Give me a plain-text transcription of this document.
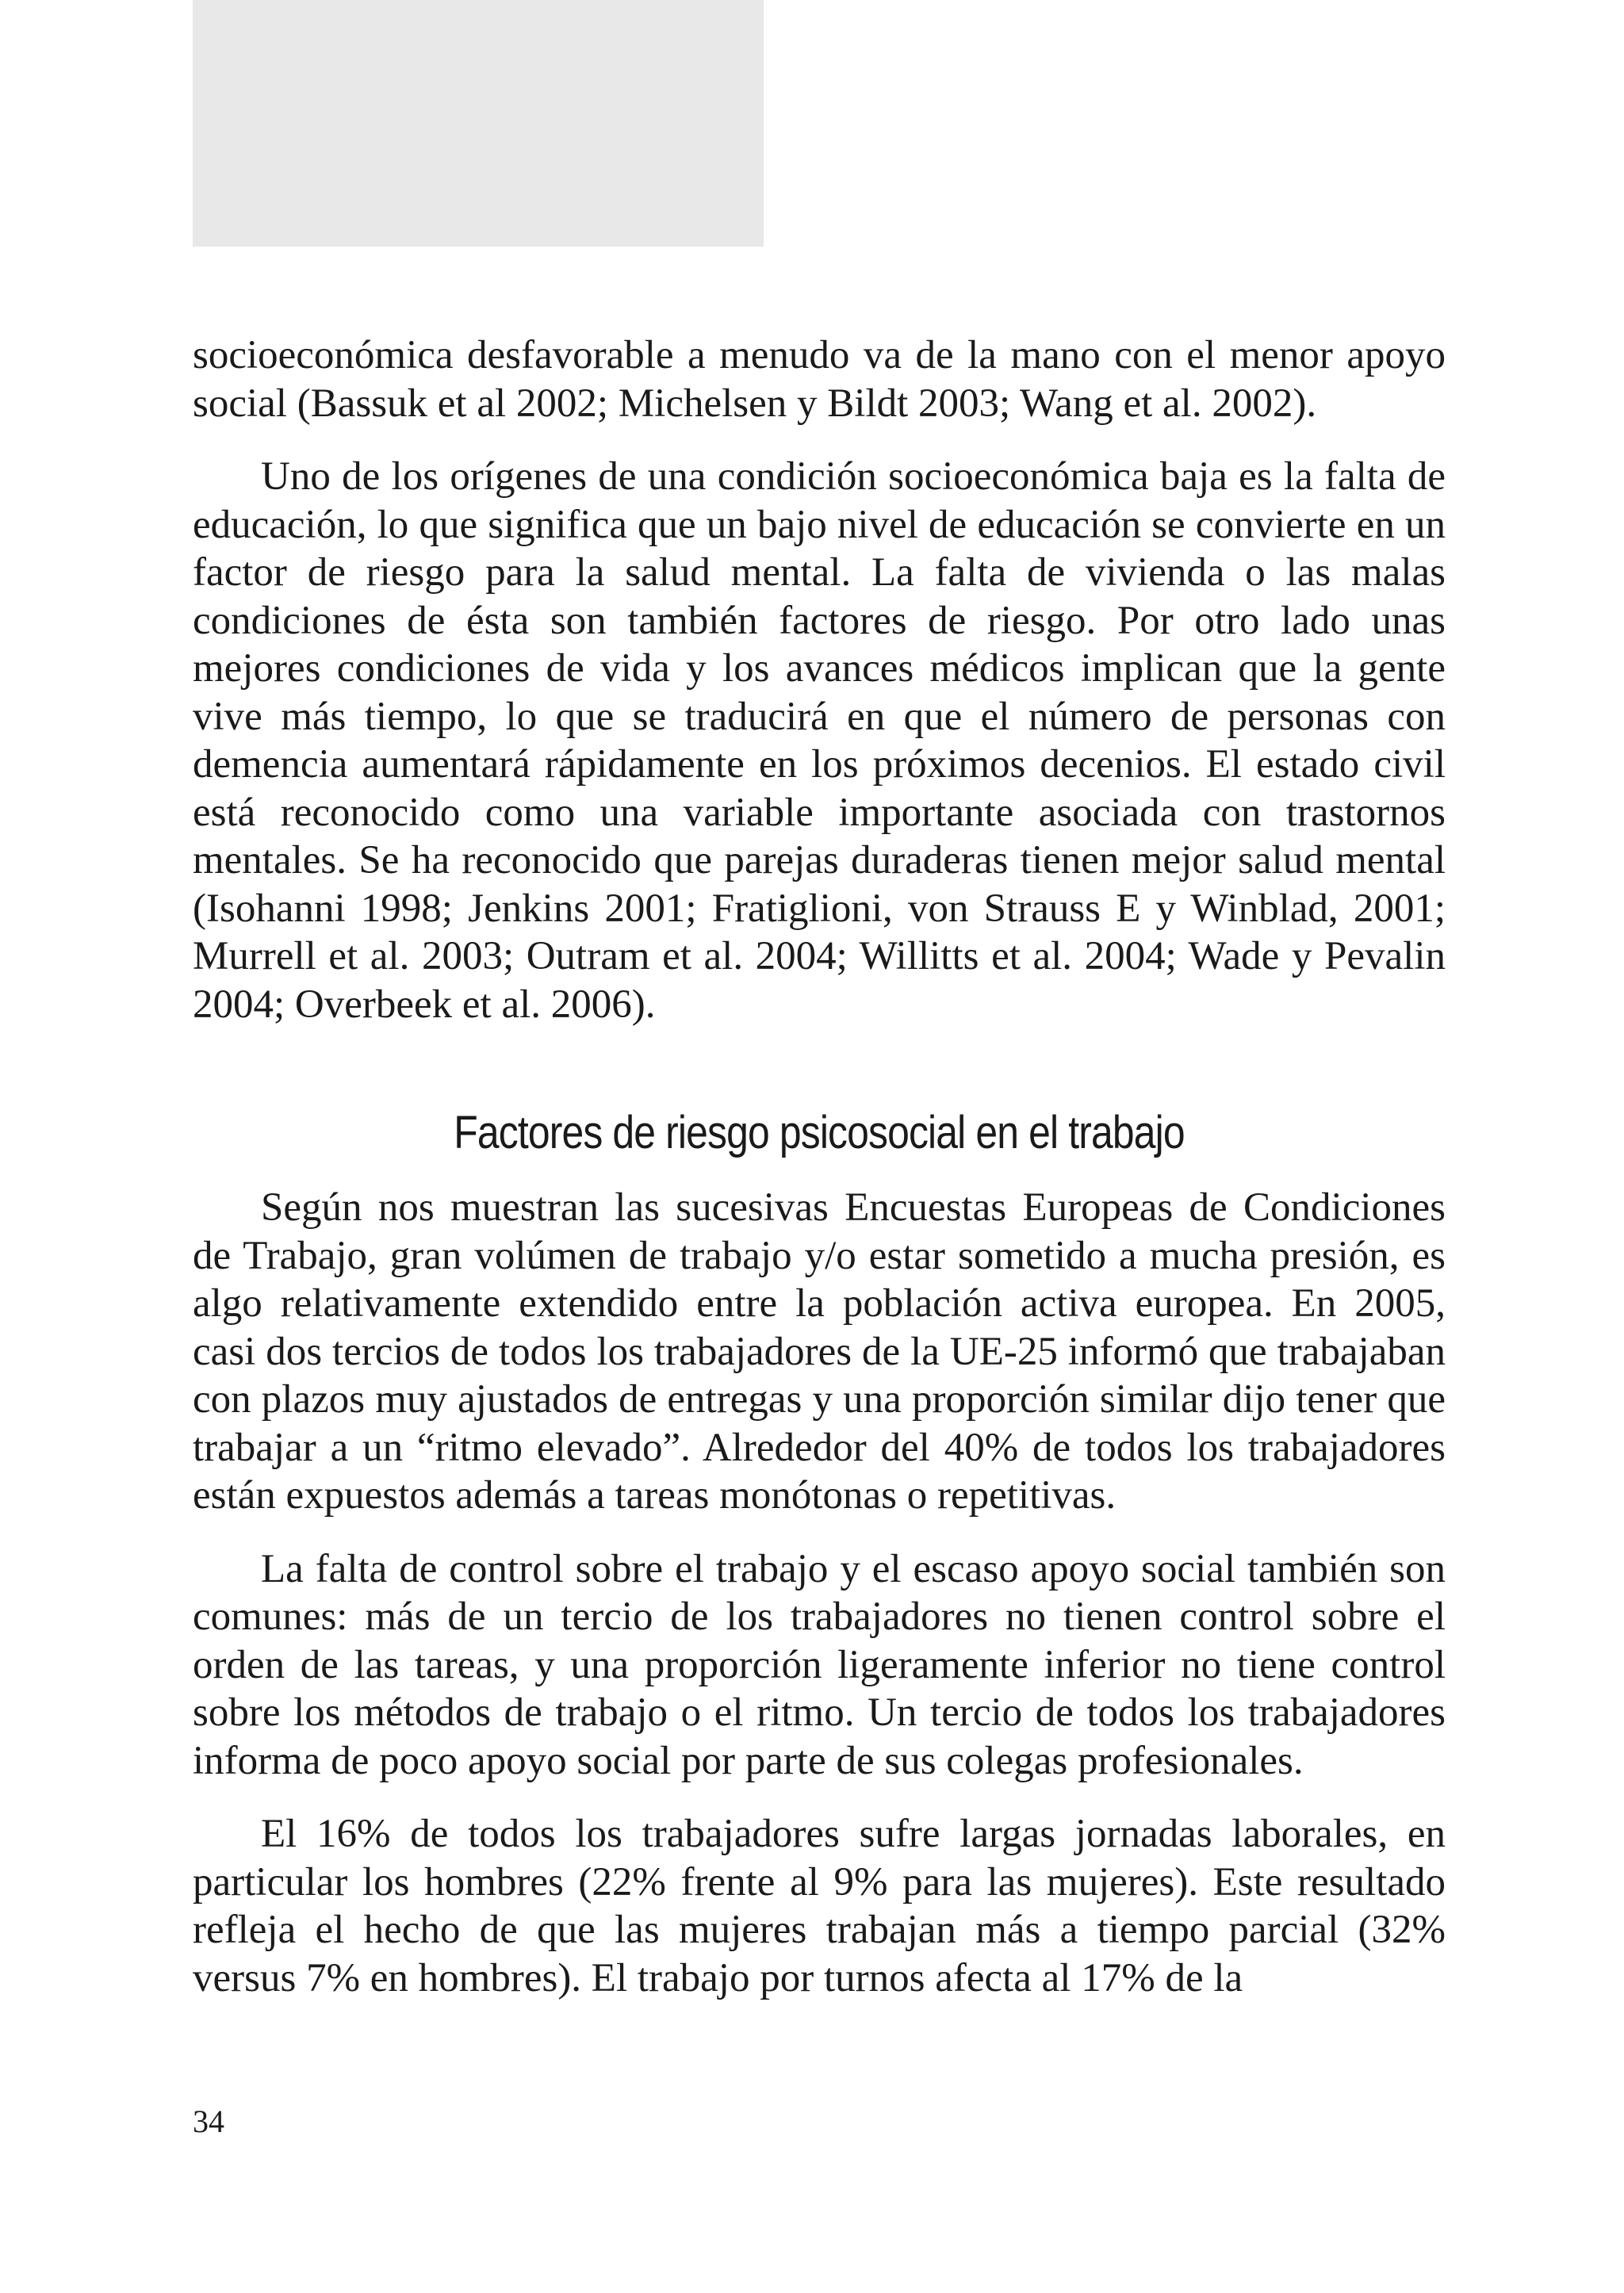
socioeconómica desfavorable a menudo va de la mano con el menor apoyo social (Bassuk et al 2002; Michelsen y Bildt 2003; Wang et al. 2002).

Uno de los orígenes de una condición socioeconómica baja es la falta de educación, lo que significa que un bajo nivel de educación se convierte en un factor de riesgo para la salud mental. La falta de vivienda o las malas condiciones de ésta son también factores de riesgo. Por otro lado unas mejores condiciones de vida y los avances médicos implican que la gente vive más tiempo, lo que se traducirá en que el número de personas con demencia aumentará rápidamente en los próximos decenios. El estado civil está reconocido como una variable importante asociada con trastornos mentales. Se ha reconocido que parejas duraderas tienen mejor salud mental (Isohanni 1998; Jenkins 2001; Fratiglioni, von Strauss E y Winblad, 2001; Murrell et al. 2003; Outram et al. 2004; Willitts et al. 2004; Wade y Pevalin 2004; Overbeek et al. 2006).

Factores de riesgo psicosocial en el trabajo

Según nos muestran las sucesivas Encuestas Europeas de Condiciones de Trabajo, gran volúmen de trabajo y/o estar sometido a mucha presión, es algo relativamente extendido entre la población activa europea. En 2005, casi dos tercios de todos los trabajadores de la UE-25 informó que trabajaban con plazos muy ajustados de entregas y una proporción similar dijo tener que trabajar a un “ritmo elevado”. Alrededor del 40% de todos los trabajadores están expuestos además a tareas monótonas o repetitivas.

La falta de control sobre el trabajo y el escaso apoyo social también son comunes: más de un tercio de los trabajadores no tienen control sobre el orden de las tareas, y una proporción ligeramente inferior no tiene control sobre los métodos de trabajo o el ritmo. Un tercio de todos los trabajadores informa de poco apoyo social por parte de sus colegas profesionales.

El 16% de todos los trabajadores sufre largas jornadas laborales, en particular los hombres (22% frente al 9% para las mujeres). Este resultado refleja el hecho de que las mujeres trabajan más a tiempo parcial (32% versus 7% en hombres). El trabajo por turnos afecta al 17% de la

34
